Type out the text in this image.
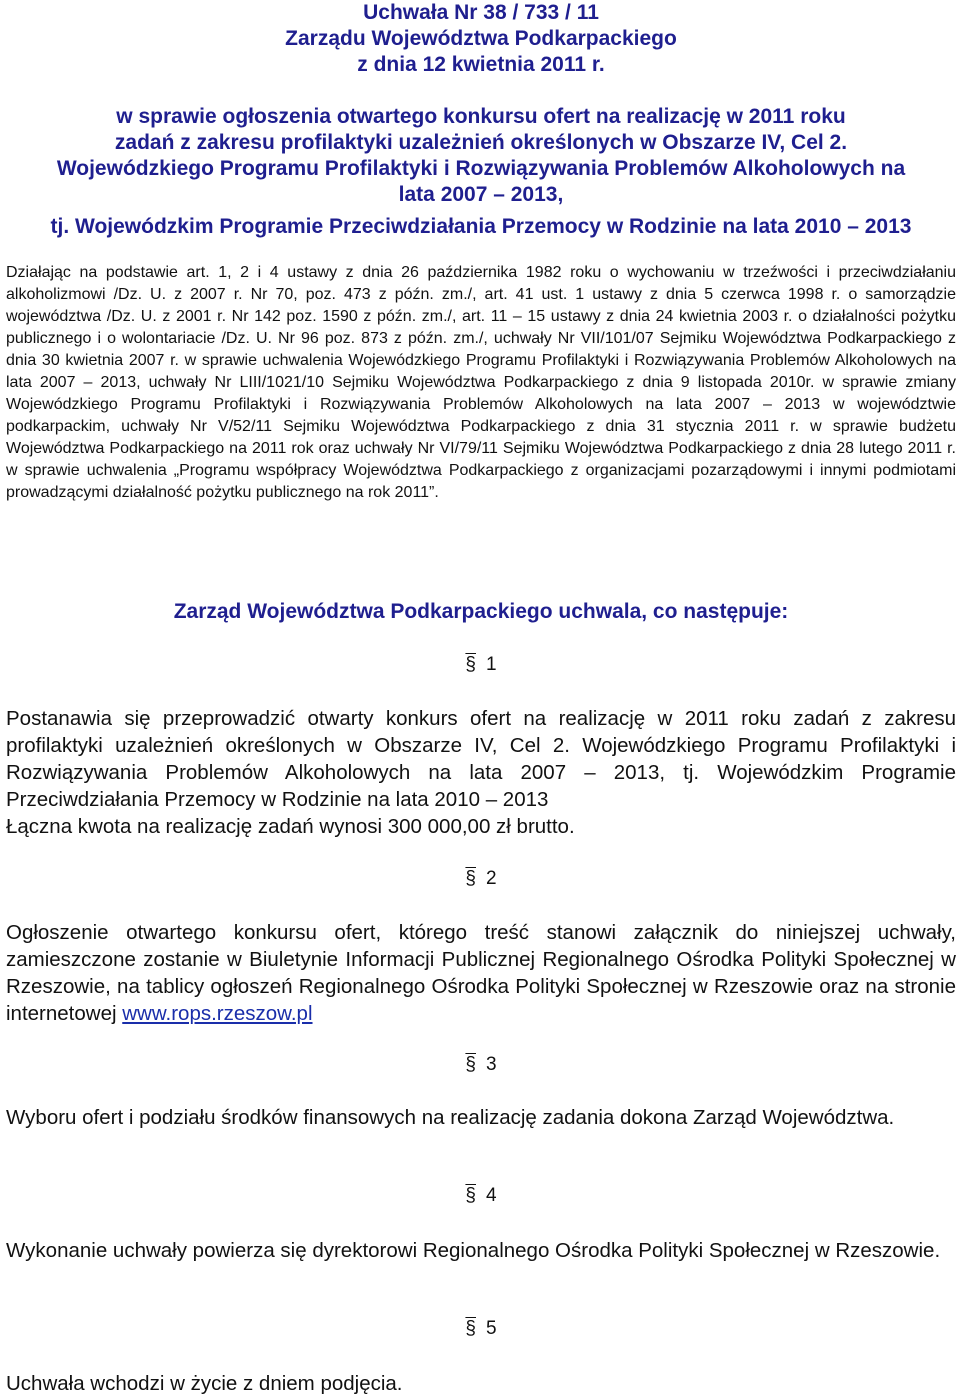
Uchwała Nr 38 / 733 / 11
Zarządu Województwa Podkarpackiego
z dnia 12 kwietnia 2011 r.
w sprawie ogłoszenia otwartego konkursu ofert na realizację w 2011 roku
zadań z zakresu profilaktyki uzależnień określonych w Obszarze IV, Cel 2.
Wojewódzkiego Programu Profilaktyki i Rozwiązywania Problemów Alkoholowych na
lata 2007 – 2013,
tj. Wojewódzkim Programie Przeciwdziałania Przemocy w Rodzinie na lata 2010 – 2013

Działając na podstawie art. 1, 2 i 4 ustawy z dnia 26 października 1982 roku o wychowaniu w trzeźwości i przeciwdziałaniu alkoholizmowi /Dz. U. z 2007 r. Nr 70, poz. 473 z późn. zm./, art. 41 ust. 1 ustawy z dnia 5 czerwca 1998 r. o samorządzie województwa /Dz. U. z 2001 r. Nr 142 poz. 1590 z późn. zm./, art. 11 – 15 ustawy z dnia 24 kwietnia 2003 r. o działalności pożytku publicznego i o wolontariacie /Dz. U. Nr 96 poz. 873 z późn. zm./, uchwały Nr VII/101/07 Sejmiku Województwa Podkarpackiego z dnia 30 kwietnia 2007 r. w sprawie uchwalenia Wojewódzkiego Programu Profilaktyki i Rozwiązywania Problemów Alkoholowych na lata 2007 – 2013, uchwały Nr LIII/1021/10 Sejmiku Województwa Podkarpackiego z dnia 9 listopada 2010r. w sprawie zmiany Wojewódzkiego Programu Profilaktyki i Rozwiązywania Problemów Alkoholowych na lata 2007 – 2013 w województwie podkarpackim, uchwały Nr V/52/11 Sejmiku Województwa Podkarpackiego z dnia 31 stycznia 2011 r. w sprawie budżetu Województwa Podkarpackiego na 2011 rok oraz uchwały Nr VI/79/11 Sejmiku Województwa Podkarpackiego z dnia 28 lutego 2011 r. w sprawie uchwalenia „Programu współpracy Województwa Podkarpackiego z organizacjami pozarządowymi i innymi podmiotami prowadzącymi działalność pożytku publicznego na rok 2011”.

Zarząd Województwa Podkarpackiego uchwala, co następuje:
§ 1

Postanawia się przeprowadzić otwarty konkurs ofert na realizację w 2011 roku zadań z zakresu profilaktyki uzależnień określonych w Obszarze IV, Cel 2. Wojewódzkiego Programu Profilaktyki i Rozwiązywania Problemów Alkoholowych na lata 2007 – 2013, tj. Wojewódzkim Programie Przeciwdziałania Przemocy w Rodzinie na lata 2010 – 2013

Łączna kwota na realizację zadań wynosi 300 000,00 zł brutto.

§ 2

Ogłoszenie otwartego konkursu ofert, którego treść stanowi załącznik do niniejszej uchwały, zamieszczone zostanie w Biuletynie Informacji Publicznej Regionalnego Ośrodka Polityki Społecznej w Rzeszowie, na tablicy ogłoszeń Regionalnego Ośrodka Polityki Społecznej w Rzeszowie oraz na stronie internetowej www.rops.rzeszow.pl

§ 3

Wyboru ofert i podziału środków finansowych na realizację zadania dokona Zarząd Województwa.

§ 4

Wykonanie uchwały powierza się dyrektorowi Regionalnego Ośrodka Polityki Społecznej w Rzeszowie.

§ 5

Uchwała wchodzi w życie z dniem podjęcia.
